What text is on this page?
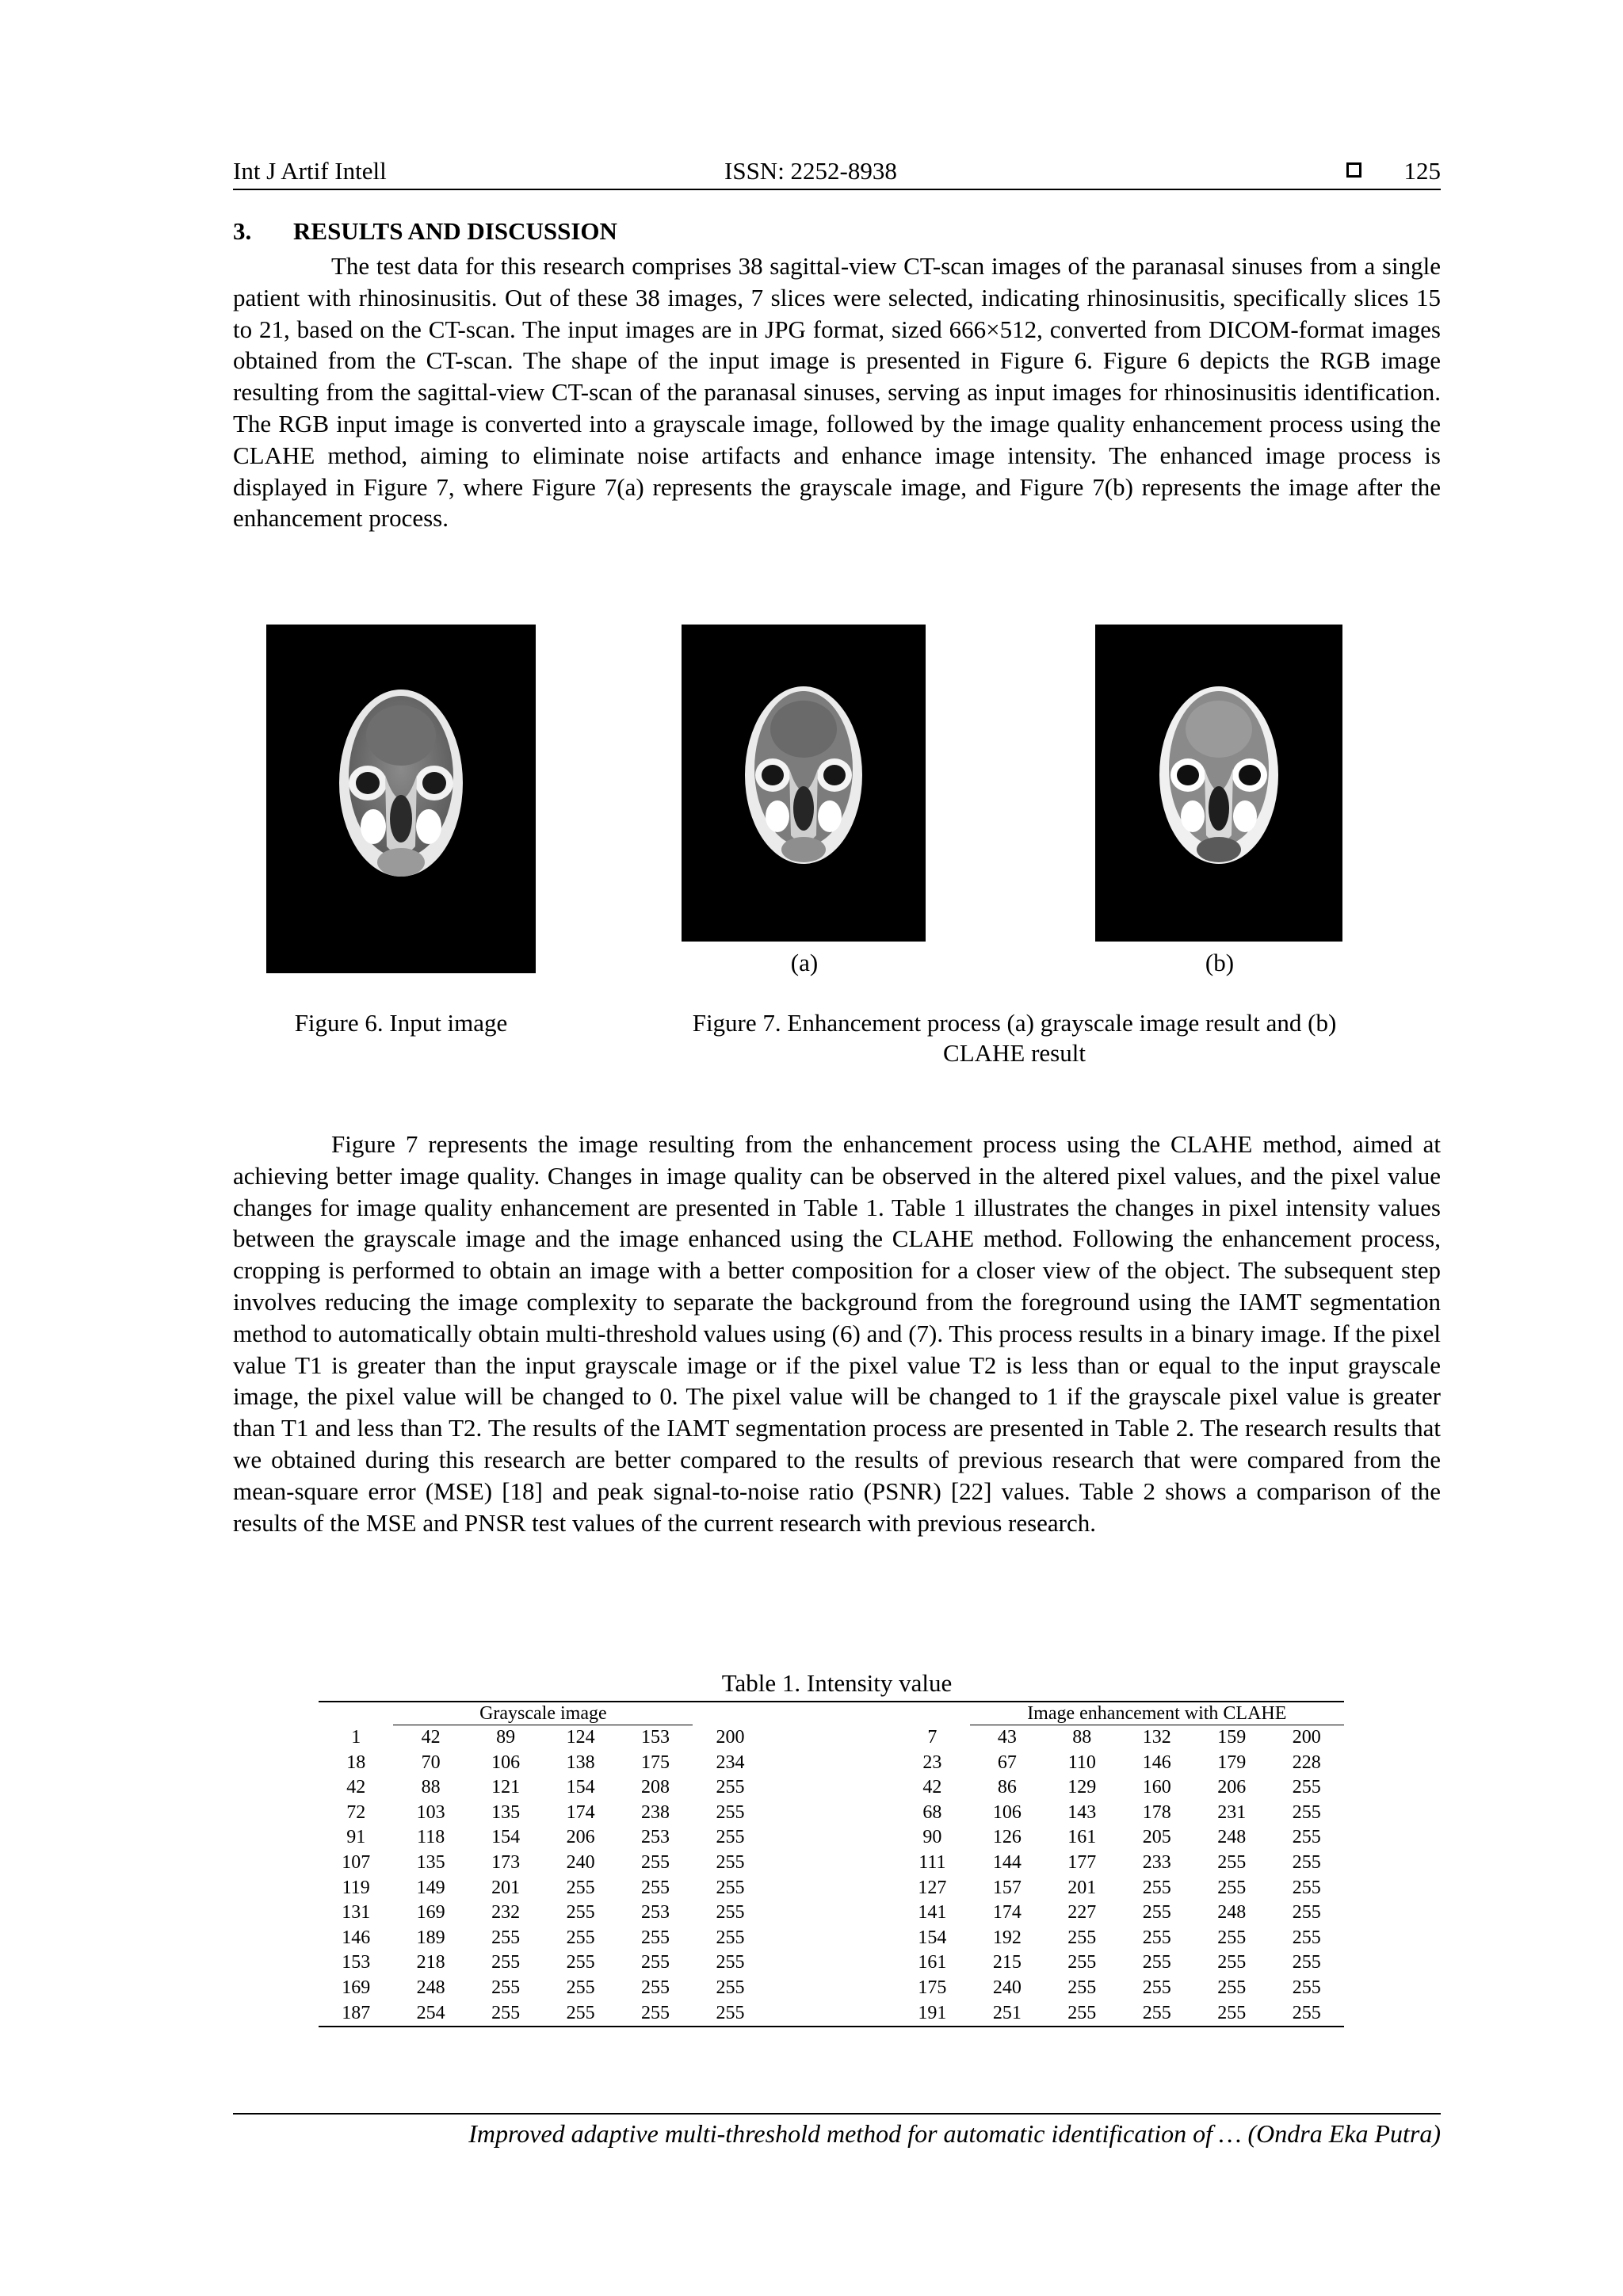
Int J Artif Intell	ISSN: 2252-8938	125
3. RESULTS AND DISCUSSION

The test data for this research comprises 38 sagittal-view CT-scan images of the paranasal sinuses from a single patient with rhinosinusitis. Out of these 38 images, 7 slices were selected, indicating rhinosinusitis, specifically slices 15 to 21, based on the CT-scan. The input images are in JPG format, sized 666×512, converted from DICOM-format images obtained from the CT-scan. The shape of the input image is presented in Figure 6. Figure 6 depicts the RGB image resulting from the sagittal-view CT-scan of the paranasal sinuses, serving as input images for rhinosinusitis identification. The RGB input image is converted into a grayscale image, followed by the image quality enhancement process using the CLAHE method, aiming to eliminate noise artifacts and enhance image intensity. The enhanced image process is displayed in Figure 7, where Figure 7(a) represents the grayscale image, and Figure 7(b) represents the image after the enhancement process.

(a)	(b)
Figure 6. Input image	Figure 7. Enhancement process (a) grayscale image result and (b) CLAHE result

Figure 7 represents the image resulting from the enhancement process using the CLAHE method, aimed at achieving better image quality. Changes in image quality can be observed in the altered pixel values, and the pixel value changes for image quality enhancement are presented in Table 1. Table 1 illustrates the changes in pixel intensity values between the grayscale image and the image enhanced using the CLAHE method. Following the enhancement process, cropping is performed to obtain an image with a better composition for a closer view of the object. The subsequent step involves reducing the image complexity to separate the background from the foreground using the IAMT segmentation method to automatically obtain multi-threshold values using (6) and (7). This process results in a binary image. If the pixel value T1 is greater than the input grayscale image or if the pixel value T2 is less than or equal to the input grayscale image, the pixel value will be changed to 0. The pixel value will be changed to 1 if the grayscale pixel value is greater than T1 and less than T2. The results of the IAMT segmentation process are presented in Table 2. The research results that we obtained during this research are better compared to the results of previous research that were compared from the mean-square error (MSE) [18] and peak signal-to-noise ratio (PSNR) [22] values. Table 2 shows a comparison of the results of the MSE and PNSR test values of the current research with previous research.

Table 1. Intensity value
	Grayscale image							Image enhancement with CLAHE				
1	42	89	124	153	200		7	43	88	132	159	200
18	70	106	138	175	234		23	67	110	146	179	228
42	88	121	154	208	255		42	86	129	160	206	255
72	103	135	174	238	255		68	106	143	178	231	255
91	118	154	206	253	255		90	126	161	205	248	255
107	135	173	240	255	255		111	144	177	233	255	255
119	149	201	255	255	255		127	157	201	255	255	255
131	169	232	255	253	255		141	174	227	255	248	255
146	189	255	255	255	255		154	192	255	255	255	255
153	218	255	255	255	255		161	215	255	255	255	255
169	248	255	255	255	255		175	240	255	255	255	255
187	254	255	255	255	255		191	251	255	255	255	255
Improved adaptive multi-threshold method for automatic identification of … (Ondra Eka Putra)
